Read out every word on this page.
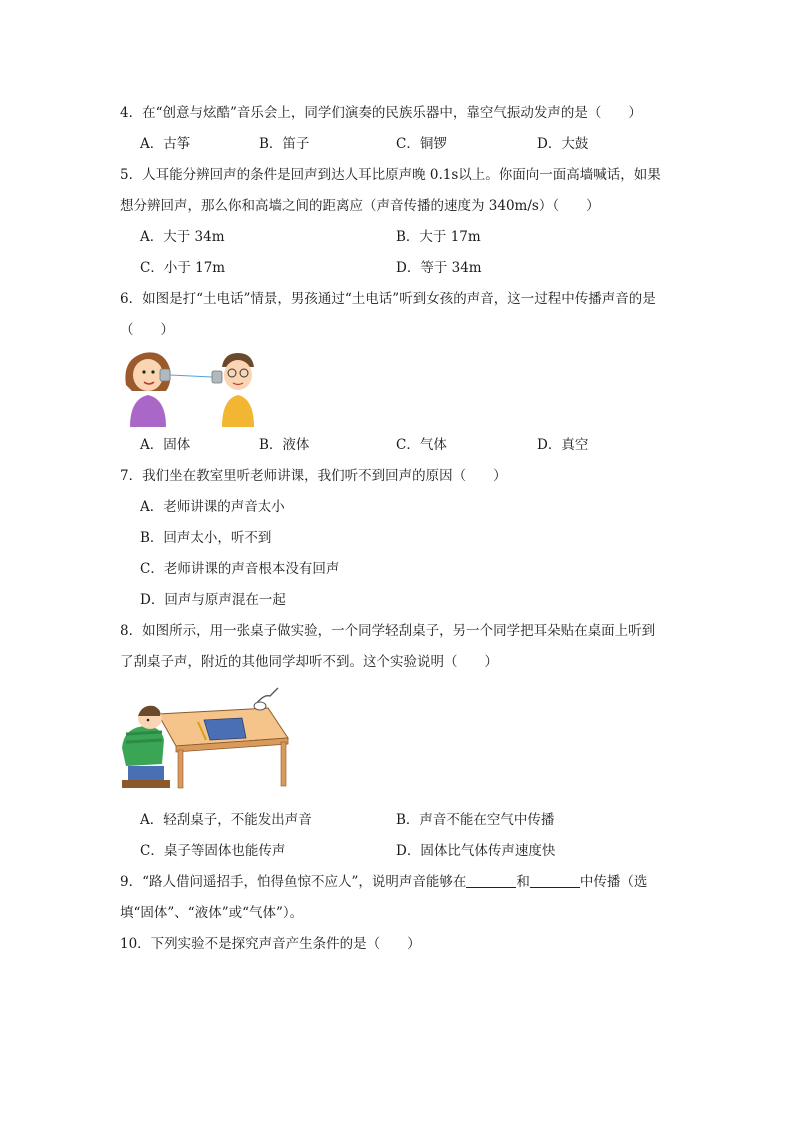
4．在“创意与炫酷”音乐会上，同学们演奏的民族乐器中，靠空气振动发声的是（　　）
A．古筝	B．笛子	C．铜锣	D．大鼓
5．人耳能分辨回声的条件是回声到达人耳比原声晚 0.1s以上。你面向一面高墙喊话，如果
想分辨回声，那么你和高墙之间的距离应（声音传播的速度为 340m/s）（　　）
A．大于 34m	B．大于 17m
C．小于 17m	D．等于 34m
6．如图是打“土电话”情景，男孩通过“土电话”听到女孩的声音，这一过程中传播声音的是
（　　）
A．固体	B．液体	C．气体	D．真空
7．我们坐在教室里听老师讲课，我们听不到回声的原因（　　）
A．老师讲课的声音太小
B．回声太小，听不到
C．老师讲课的声音根本没有回声
D．回声与原声混在一起
8．如图所示，用一张桌子做实验，一个同学轻刮桌子，另一个同学把耳朵贴在桌面上听到
了刮桌子声，附近的其他同学却听不到。这个实验说明（　　）
A．轻刮桌子，不能发出声音	B．声音不能在空气中传播
C．桌子等固体也能传声	D．固体比气体传声速度快
9．“路人借问遥招手，怕得鱼惊不应人”，说明声音能够在	和	中传播（选
填“固体”、“液体”或“气体”）。
10．下列实验不是探究声音产生条件的是（　　）
